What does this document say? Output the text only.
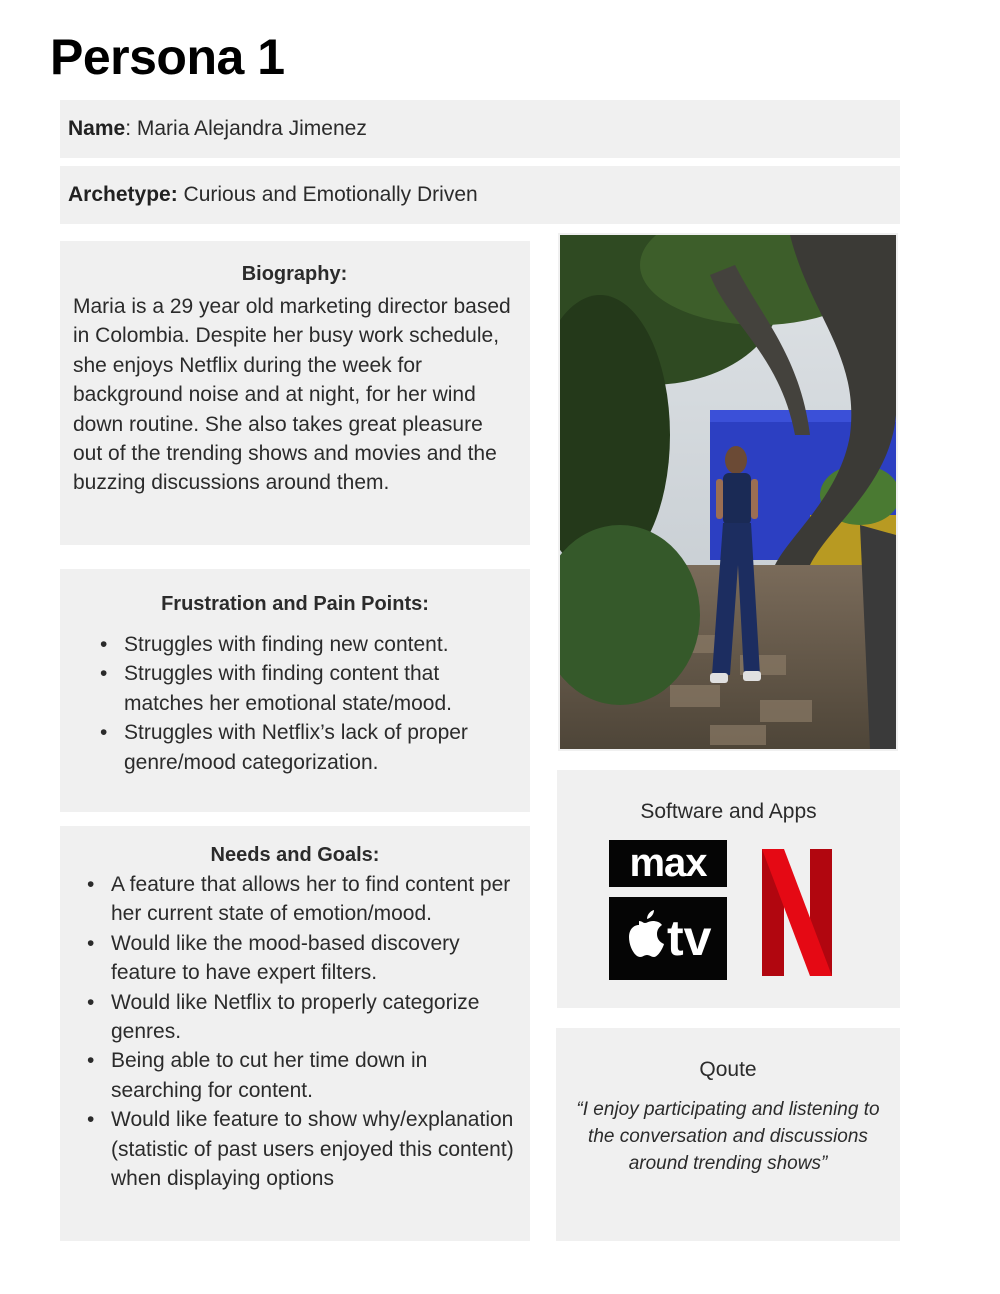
Persona 1
Name: Maria Alejandra Jimenez
Archetype: Curious and Emotionally Driven
Biography:
Maria is a 29 year old marketing director based in Colombia. Despite her busy work schedule, she enjoys Netflix during the week for background noise and at night, for her wind down routine. She also takes great pleasure out of the trending shows and movies and the buzzing discussions around them.
Frustration and Pain Points:
• Struggles with finding new content.
• Struggles with finding content that matches her emotional state/mood.
• Struggles with Netflix’s lack of proper genre/mood categorization.
Needs and Goals:
• A feature that allows her to find content per her current state of emotion/mood.
• Would like the mood-based discovery feature to have expert filters.
• Would like Netflix to properly categorize genres.
• Being able to cut her time down in searching for content.
• Would like feature to show why/explanation (statistic of past users enjoyed this content) when displaying options
Software and Apps
max
tv
Qoute
“I enjoy participating and listening to the conversation and discussions around trending shows”
